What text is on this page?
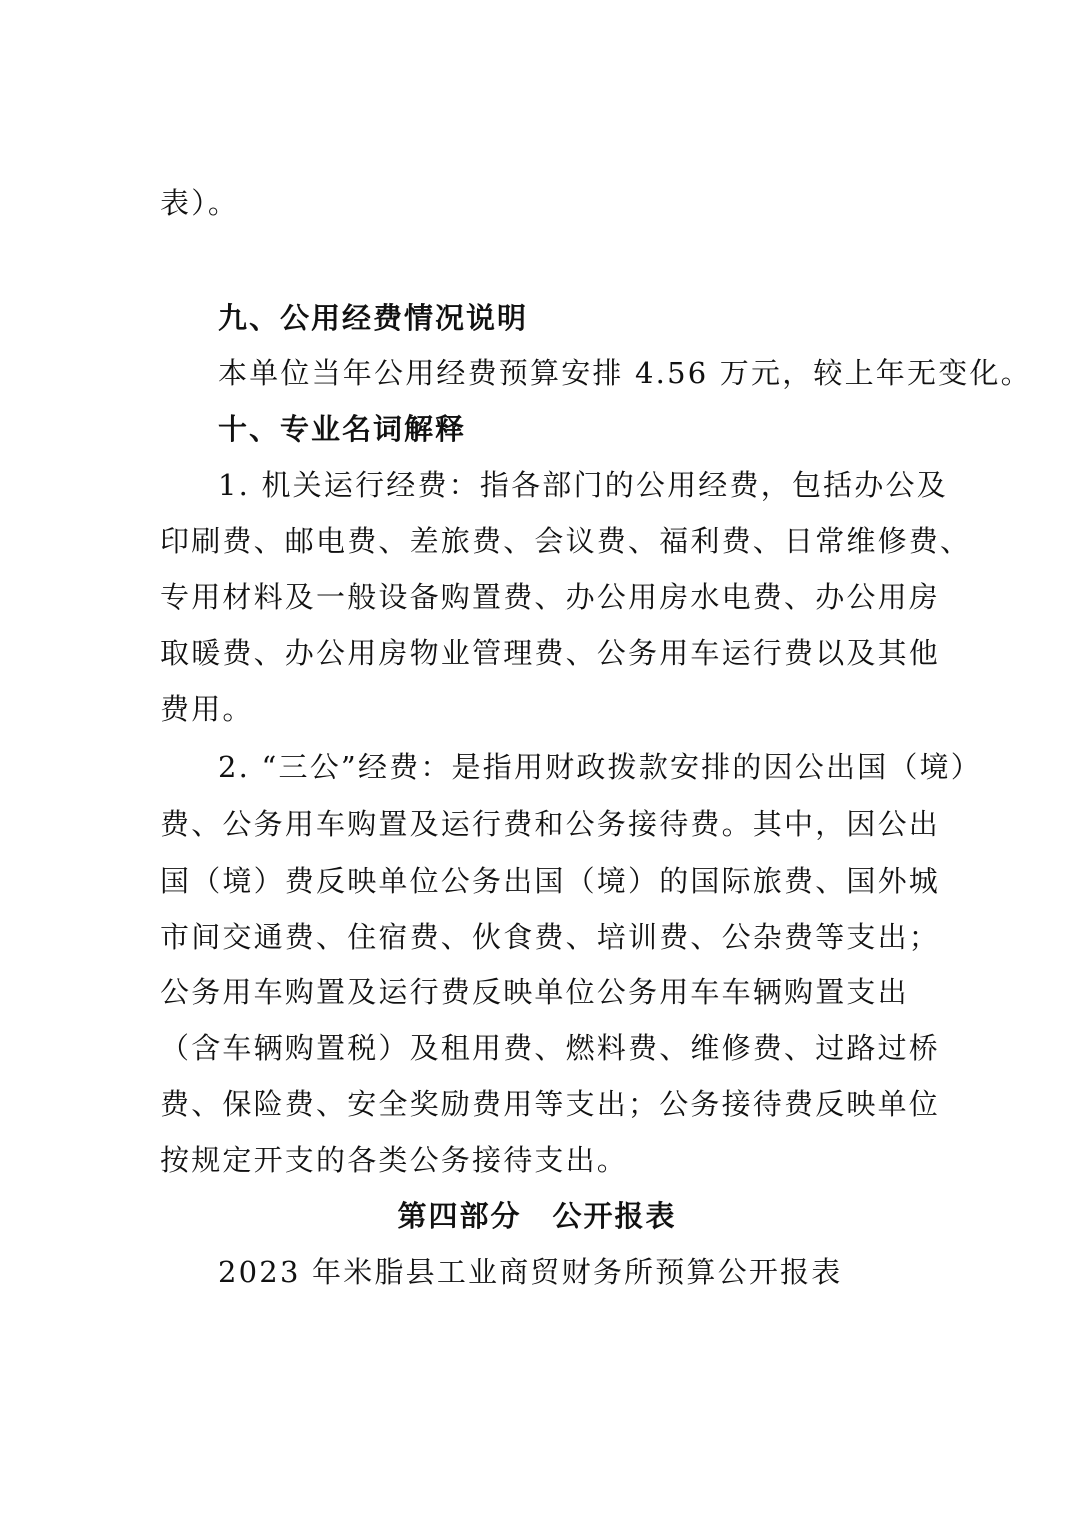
表）。

九、公用经费情况说明

本单位当年公用经费预算安排 4.56 万元，较上年无变化。

十、专业名词解释

1. 机关运行经费：指各部门的公用经费，包括办公及

印刷费、邮电费、差旅费、会议费、福利费、日常维修费、

专用材料及一般设备购置费、办公用房水电费、办公用房

取暖费、办公用房物业管理费、公务用车运行费以及其他

费用。

2. “三公”经费：是指用财政拨款安排的因公出国（境）

费、公务用车购置及运行费和公务接待费。其中，因公出

国（境）费反映单位公务出国（境）的国际旅费、国外城

市间交通费、住宿费、伙食费、培训费、公杂费等支出；

公务用车购置及运行费反映单位公务用车车辆购置支出

（含车辆购置税）及租用费、燃料费、维修费、过路过桥

费、保险费、安全奖励费用等支出；公务接待费反映单位

按规定开支的各类公务接待支出。

第四部分　公开报表

2023 年米脂县工业商贸财务所预算公开报表
